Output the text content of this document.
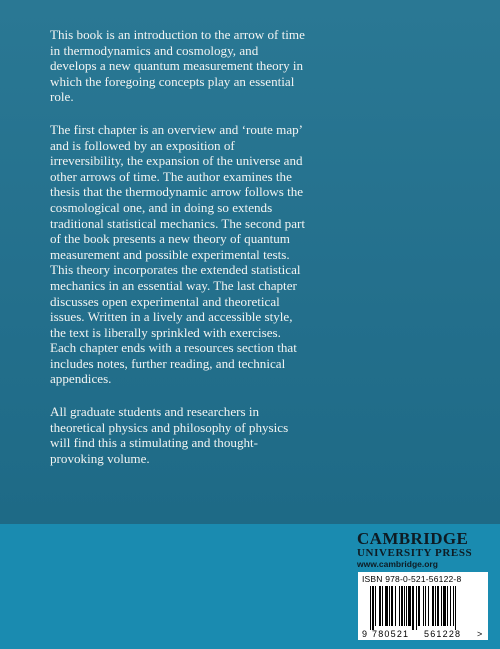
This book is an introduction to the arrow of time in thermodynamics and cosmology, and develops a new quantum measurement theory in which the foregoing concepts play an essential role.

The first chapter is an overview and ‘route map’ and is followed by an exposition of irreversibility, the expansion of the universe and other arrows of time. The author examines the thesis that the thermodynamic arrow follows the cosmological one, and in doing so extends traditional statistical mechanics. The second part of the book presents a new theory of quantum measurement and possible experimental tests. This theory incorporates the extended statistical mechanics in an essential way. The last chapter discusses open experimental and theoretical issues. Written in a lively and accessible style, the text is liberally sprinkled with exercises. Each chapter ends with a resources section that includes notes, further reading, and technical appendices.

All graduate students and researchers in theoretical physics and philosophy of physics will find this a stimulating and thought-provoking volume.

CAMBRIDGE
UNIVERSITY PRESS
www.cambridge.org
ISBN 978-0-521-56122-8
9 780521 561228 >
